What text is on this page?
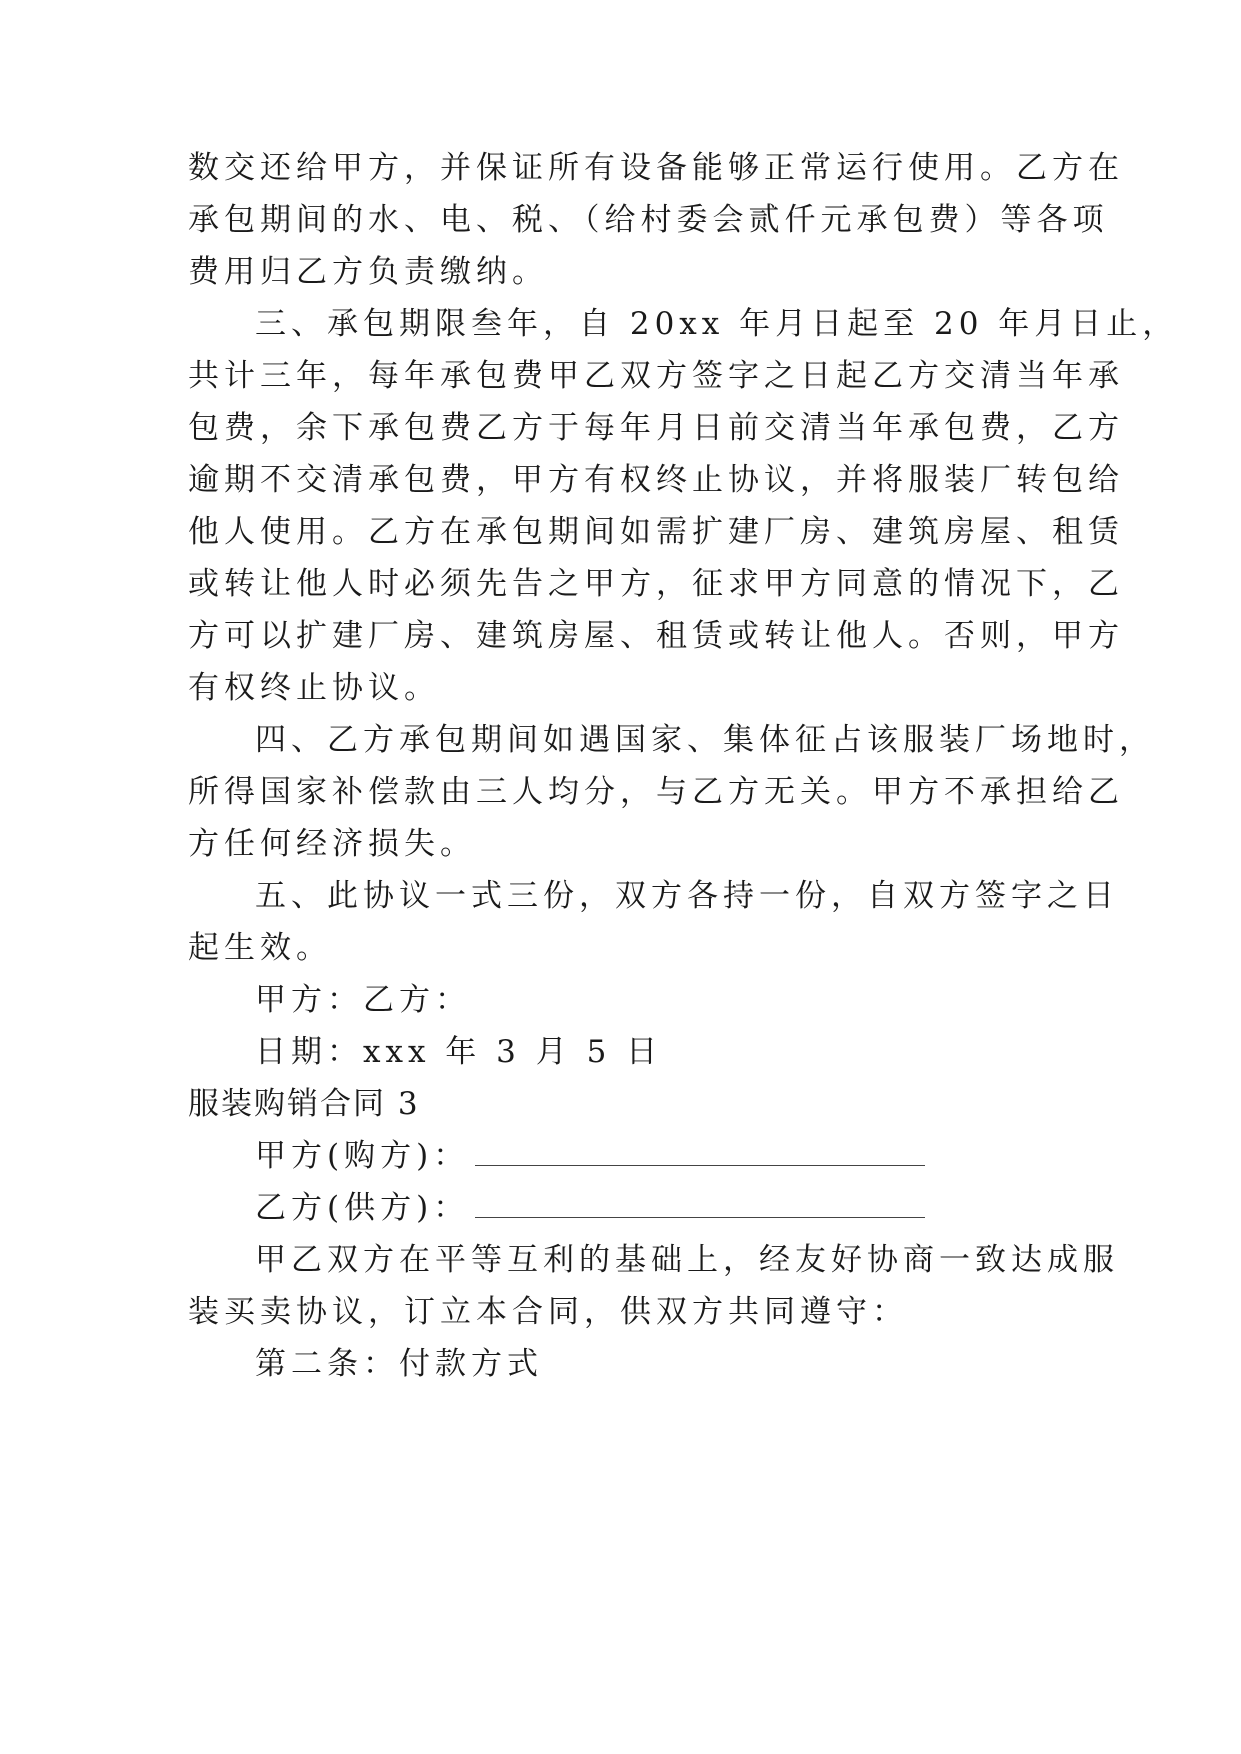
数交还给甲方，并保证所有设备能够正常运行使用。乙方在
承包期间的水、电、税、（给村委会贰仟元承包费）等各项
费用归乙方负责缴纳。
三、承包期限叁年，自 20xx 年月日起至 20 年月日止，
共计三年，每年承包费甲乙双方签字之日起乙方交清当年承
包费，余下承包费乙方于每年月日前交清当年承包费，乙方
逾期不交清承包费，甲方有权终止协议，并将服装厂转包给
他人使用。乙方在承包期间如需扩建厂房、建筑房屋、租赁
或转让他人时必须先告之甲方，征求甲方同意的情况下，乙
方可以扩建厂房、建筑房屋、租赁或转让他人。否则，甲方
有权终止协议。
四、乙方承包期间如遇国家、集体征占该服装厂场地时，
所得国家补偿款由三人均分，与乙方无关。甲方不承担给乙
方任何经济损失。
五、此协议一式三份，双方各持一份，自双方签字之日
起生效。
甲方：乙方：
日期：xxx 年 3 月 5 日
服装购销合同 3
甲方(购方)：
乙方(供方)：
甲乙双方在平等互利的基础上，经友好协商一致达成服
装买卖协议，订立本合同，供双方共同遵守：
第二条：付款方式
